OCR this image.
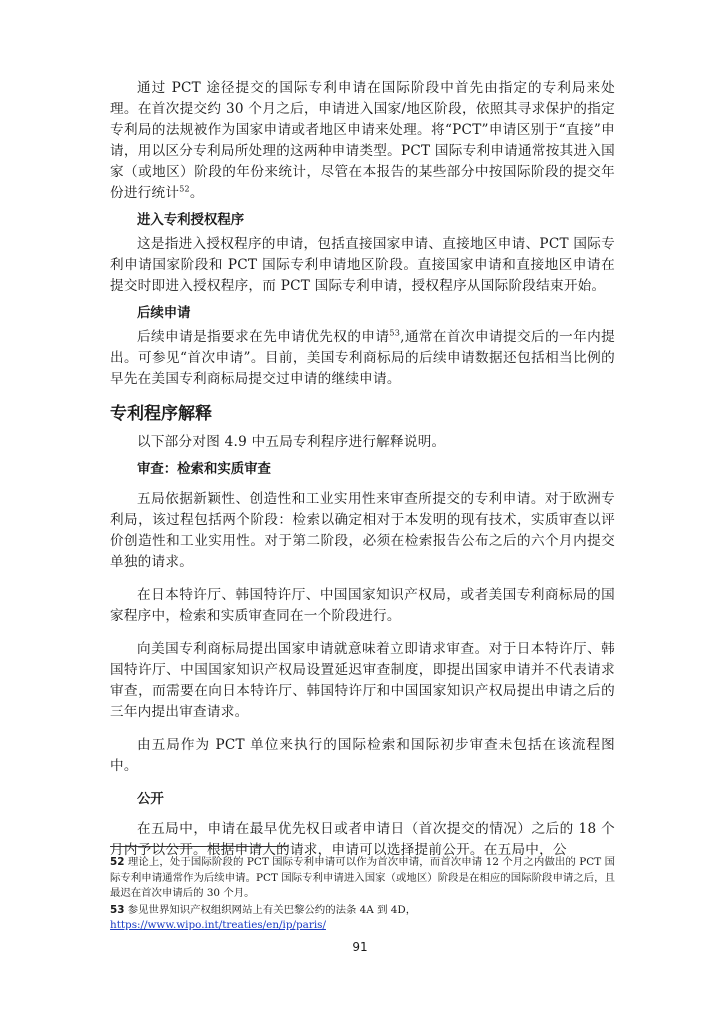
通过 PCT 途径提交的国际专利申请在国际阶段中首先由指定的专利局来处理。在首次提交约 30 个月之后，申请进入国家/地区阶段，依照其寻求保护的指定专利局的法规被作为国家申请或者地区申请来处理。将“PCT”申请区别于“直接”申请，用以区分专利局所处理的这两种申请类型。PCT 国际专利申请通常按其进入国家（或地区）阶段的年份来统计，尽管在本报告的某些部分中按国际阶段的提交年份进行统计$^{52}$。

进入专利授权程序

这是指进入授权程序的申请，包括直接国家申请、直接地区申请、PCT 国际专利申请国家阶段和 PCT 国际专利申请地区阶段。直接国家申请和直接地区申请在提交时即进入授权程序，而 PCT 国际专利申请，授权程序从国际阶段结束开始。

后续申请

后续申请是指要求在先申请优先权的申请$^{53}$,通常在首次申请提交后的一年内提出。可参见“首次申请”。目前，美国专利商标局的后续申请数据还包括相当比例的早先在美国专利商标局提交过申请的继续申请。

专利程序解释

以下部分对图 4.9 中五局专利程序进行解释说明。

审查：检索和实质审查

五局依据新颖性、创造性和工业实用性来审查所提交的专利申请。对于欧洲专利局，该过程包括两个阶段：检索以确定相对于本发明的现有技术，实质审查以评价创造性和工业实用性。对于第二阶段，必须在检索报告公布之后的六个月内提交单独的请求。

在日本特许厅、韩国特许厅、中国国家知识产权局，或者美国专利商标局的国家程序中，检索和实质审查同在一个阶段进行。

向美国专利商标局提出国家申请就意味着立即请求审查。对于日本特许厅、韩国特许厅、中国国家知识产权局设置延迟审查制度，即提出国家申请并不代表请求审查，而需要在向日本特许厅、韩国特许厅和中国国家知识产权局提出申请之后的三年内提出审查请求。

由五局作为 PCT 单位来执行的国际检索和国际初步审查未包括在该流程图中。

公开

在五局中，申请在最早优先权日或者申请日（首次提交的情况）之后的 18 个月内予以公开。根据申请人的请求，申请可以选择提前公开。在五局中，公

52 理论上，处于国际阶段的 PCT 国际专利申请可以作为首次申请，而首次申请 12 个月之内做出的 PCT 国际专利申请通常作为后续申请。PCT 国际专利申请进入国家（或地区）阶段是在相应的国际阶段申请之后，且最迟在首次申请后的 30 个月。

53 参见世界知识产权组织网站上有关巴黎公约的法条 4A 到 4D，
https://www.wipo.int/treaties/en/ip/paris/

91
